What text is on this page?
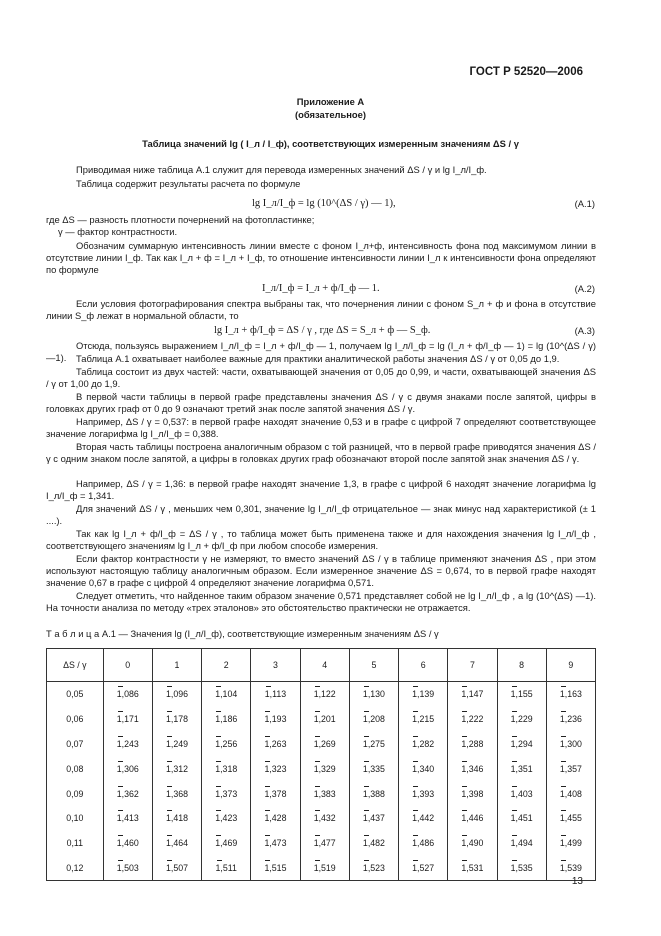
ГОСТ Р 52520—2006
Приложение А
(обязательное)
Таблица значений lg ( I_л / I_ф), соответствующих измеренным значениям ΔS / γ
Приводимая ниже таблица А.1 служит для перевода измеренных значений ΔS / γ и lg I_л/I_ф.
Таблица содержит результаты расчета по формуле
lg I_л/I_ф = lg (10^(ΔS / γ) — 1),	(А.1)
где ΔS — разность плотности почернений на фотопластинке;
γ — фактор контрастности.
Обозначим суммарную интенсивность линии вместе с фоном I_л+ф, интенсивность фона под максимумом линии в отсутствие линии I_ф. Так как I_л + ф = I_л + I_ф, то отношение интенсивности линии I_л к интенсивности фона определяют по формуле
I_л/I_ф = I_л + ф/I_ф — 1.	(А.2)
Если условия фотографирования спектра выбраны так, что почернения линии с фоном S_л + ф и фона в отсутствие линии S_ф лежат в нормальной области, то
lg I_л + ф/I_ф = ΔS / γ , где ΔS = S_л + ф — S_ф.	(А.3)
Отсюда, пользуясь выражением I_л/I_ф = I_л + ф/I_ф — 1, получаем lg I_л/I_ф = lg (I_л + ф/I_ф — 1) = lg (10^(ΔS / γ) —1).	Таблица А.1 охватывает наиболее важные для практики аналитической работы значения ΔS / γ от 0,05 до 1,9.
Таблица состоит из двух частей: части, охватывающей значения от 0,05 до 0,99, и части, охватывающей значения ΔS / γ от 1,00 до 1,9.
В первой части таблицы в первой графе представлены значения ΔS / γ с двумя знаками после запятой, цифры в головках других граф от 0 до 9 означают третий знак после запятой значения ΔS / γ.
Например, ΔS / γ = 0,537: в первой графе находят значение 0,53 и в графе с цифрой 7 определяют соответствующее значение логарифма lg I_л/I_ф = 0,388.
Вторая часть таблицы построена аналогичным образом с той разницей, что в первой графе приводятся значения ΔS / γ с одним знаком после запятой, а цифры в головках других граф обозначают второй после запятой знак значения ΔS / γ.
Например, ΔS / γ = 1,36: в первой графе находят значение 1,3, в графе с цифрой 6 находят значение логарифма lg I_л/I_ф = 1,341.
Для значений ΔS / γ , меньших чем 0,301, значение lg I_л/I_ф отрицательное — знак минус над характеристикой (± 1 ....).
Так как lg I_л + ф/I_ф = ΔS / γ , то таблица может быть применена также и для нахождения значения lg I_л/I_ф , соответствующего значениям lg I_л + ф/I_ф при любом способе измерения.
Если фактор контрастности γ не измеряют, то вместо значений ΔS / γ в таблице применяют значения ΔS , при этом используют настоящую таблицу аналогичным образом. Если измеренное значение ΔS = 0,674, то в первой графе находят значение 0,67 в графе с цифрой 4 определяют значение логарифма 0,571.
Следует отметить, что найденное таким образом значение 0,571 представляет собой не lg I_л/I_ф , а lg (10^(ΔS) —1). На точности анализа по методу «трех эталонов» это обстоятельство практически не отражается.
Т а б л и ц а А.1 — Значения lg (I_л/I_ф), соответствующие измеренным значениям ΔS / γ
ΔS / γ	0	1	2	3	4	5	6	7	8	9
0,05	1,086	1,096	1,104	1,113	1,122	1,130	1,139	1,147	1,155	1,163
0,06	1,171	1,178	1,186	1,193	1,201	1,208	1,215	1,222	1,229	1,236
0,07	1,243	1,249	1,256	1,263	1,269	1,275	1,282	1,288	1,294	1,300
0,08	1,306	1,312	1,318	1,323	1,329	1,335	1,340	1,346	1,351	1,357
0,09	1,362	1,368	1,373	1,378	1,383	1,388	1,393	1,398	1,403	1,408
0,10	1,413	1,418	1,423	1,428	1,432	1,437	1,442	1,446	1,451	1,455
0,11	1,460	1,464	1,469	1,473	1,477	1,482	1,486	1,490	1,494	1,499
0,12	1,503	1,507	1,511	1,515	1,519	1,523	1,527	1,531	1,535	1,539
13
